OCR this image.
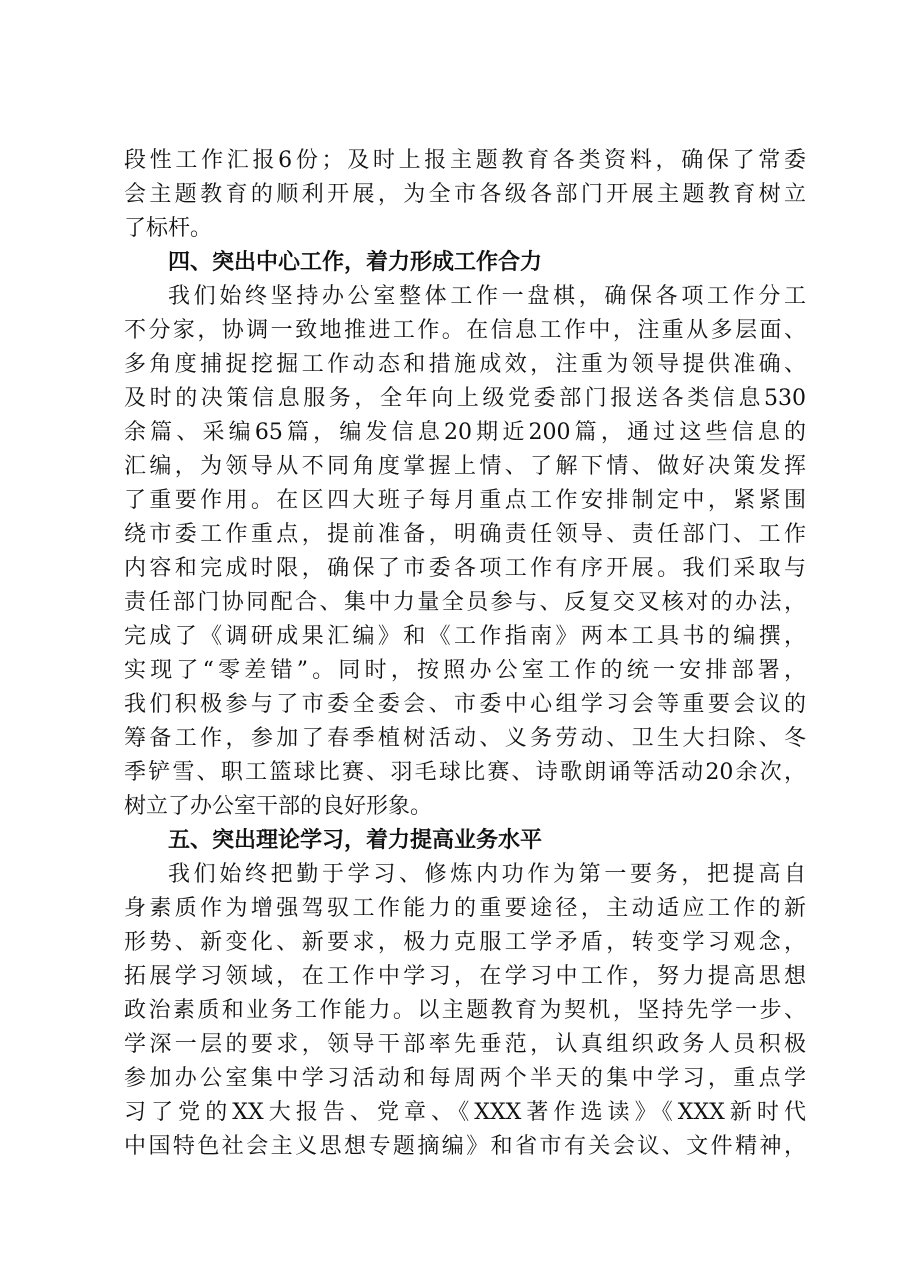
段性工作汇报6份；及时上报主题教育各类资料，确保了常委
会主题教育的顺利开展，为全市各级各部门开展主题教育树立
了标杆。
四、突出中心工作，着力形成工作合力
我们始终坚持办公室整体工作一盘棋，确保各项工作分工
不分家，协调一致地推进工作。在信息工作中，注重从多层面、
多角度捕捉挖掘工作动态和措施成效，注重为领导提供准确、
及时的决策信息服务，全年向上级党委部门报送各类信息530
余篇、采编65篇，编发信息20期近200篇，通过这些信息的
汇编，为领导从不同角度掌握上情、了解下情、做好决策发挥
了重要作用。在区四大班子每月重点工作安排制定中，紧紧围
绕市委工作重点，提前准备，明确责任领导、责任部门、工作
内容和完成时限，确保了市委各项工作有序开展。我们采取与
责任部门协同配合、集中力量全员参与、反复交叉核对的办法，
完成了《调研成果汇编》和《工作指南》两本工具书的编撰，
实现了“零差错”。同时，按照办公室工作的统一安排部署，
我们积极参与了市委全委会、市委中心组学习会等重要会议的
筹备工作，参加了春季植树活动、义务劳动、卫生大扫除、冬
季铲雪、职工篮球比赛、羽毛球比赛、诗歌朗诵等活动20余次，
树立了办公室干部的良好形象。
五、突出理论学习，着力提高业务水平
我们始终把勤于学习、修炼内功作为第一要务，把提高自
身素质作为增强驾驭工作能力的重要途径，主动适应工作的新
形势、新变化、新要求，极力克服工学矛盾，转变学习观念，
拓展学习领域，在工作中学习，在学习中工作，努力提高思想
政治素质和业务工作能力。以主题教育为契机，坚持先学一步、
学深一层的要求，领导干部率先垂范，认真组织政务人员积极
参加办公室集中学习活动和每周两个半天的集中学习，重点学
习了党的XX大报告、党章、《XXX著作选读》《XXX新时代
中国特色社会主义思想专题摘编》和省市有关会议、文件精神，
